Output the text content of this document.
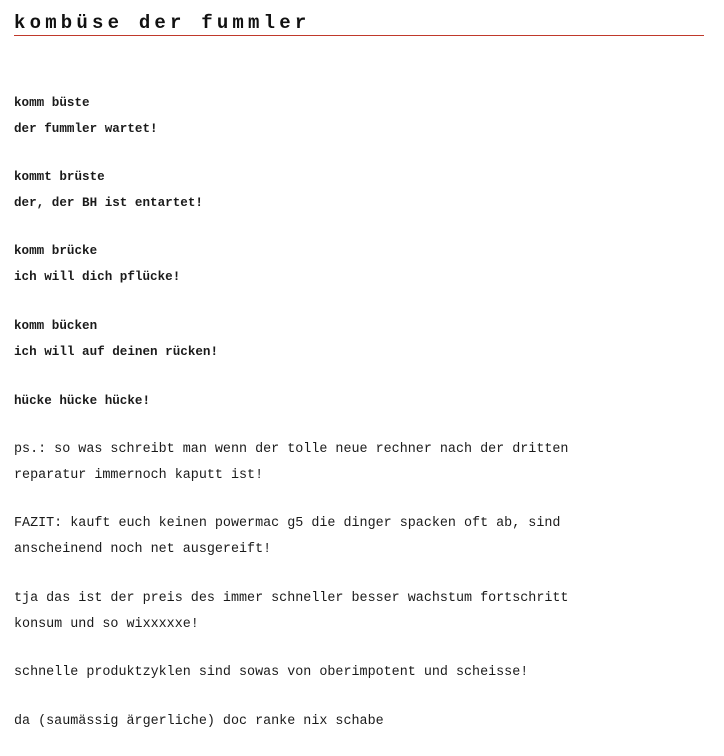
kombüse der fummler

komm büste

der fummler wartet!

kommt brüste

der, der BH ist entartet!

komm brücke

ich will dich pflücke!

komm bücken

ich will auf deinen rücken!

hücke hücke hücke!

ps.: so was schreibt man wenn der tolle neue rechner nach der dritten

reparatur immernoch kaputt ist!

FAZIT: kauft euch keinen powermac g5 die dinger spacken oft ab, sind

anscheinend noch net ausgereift!

tja das ist der preis des immer schneller besser wachstum fortschritt

konsum und so wixxxxxe!

schnelle produktzyklen sind sowas von oberimpotent und scheisse!

da (saumässig ärgerliche) doc ranke nix schabe
